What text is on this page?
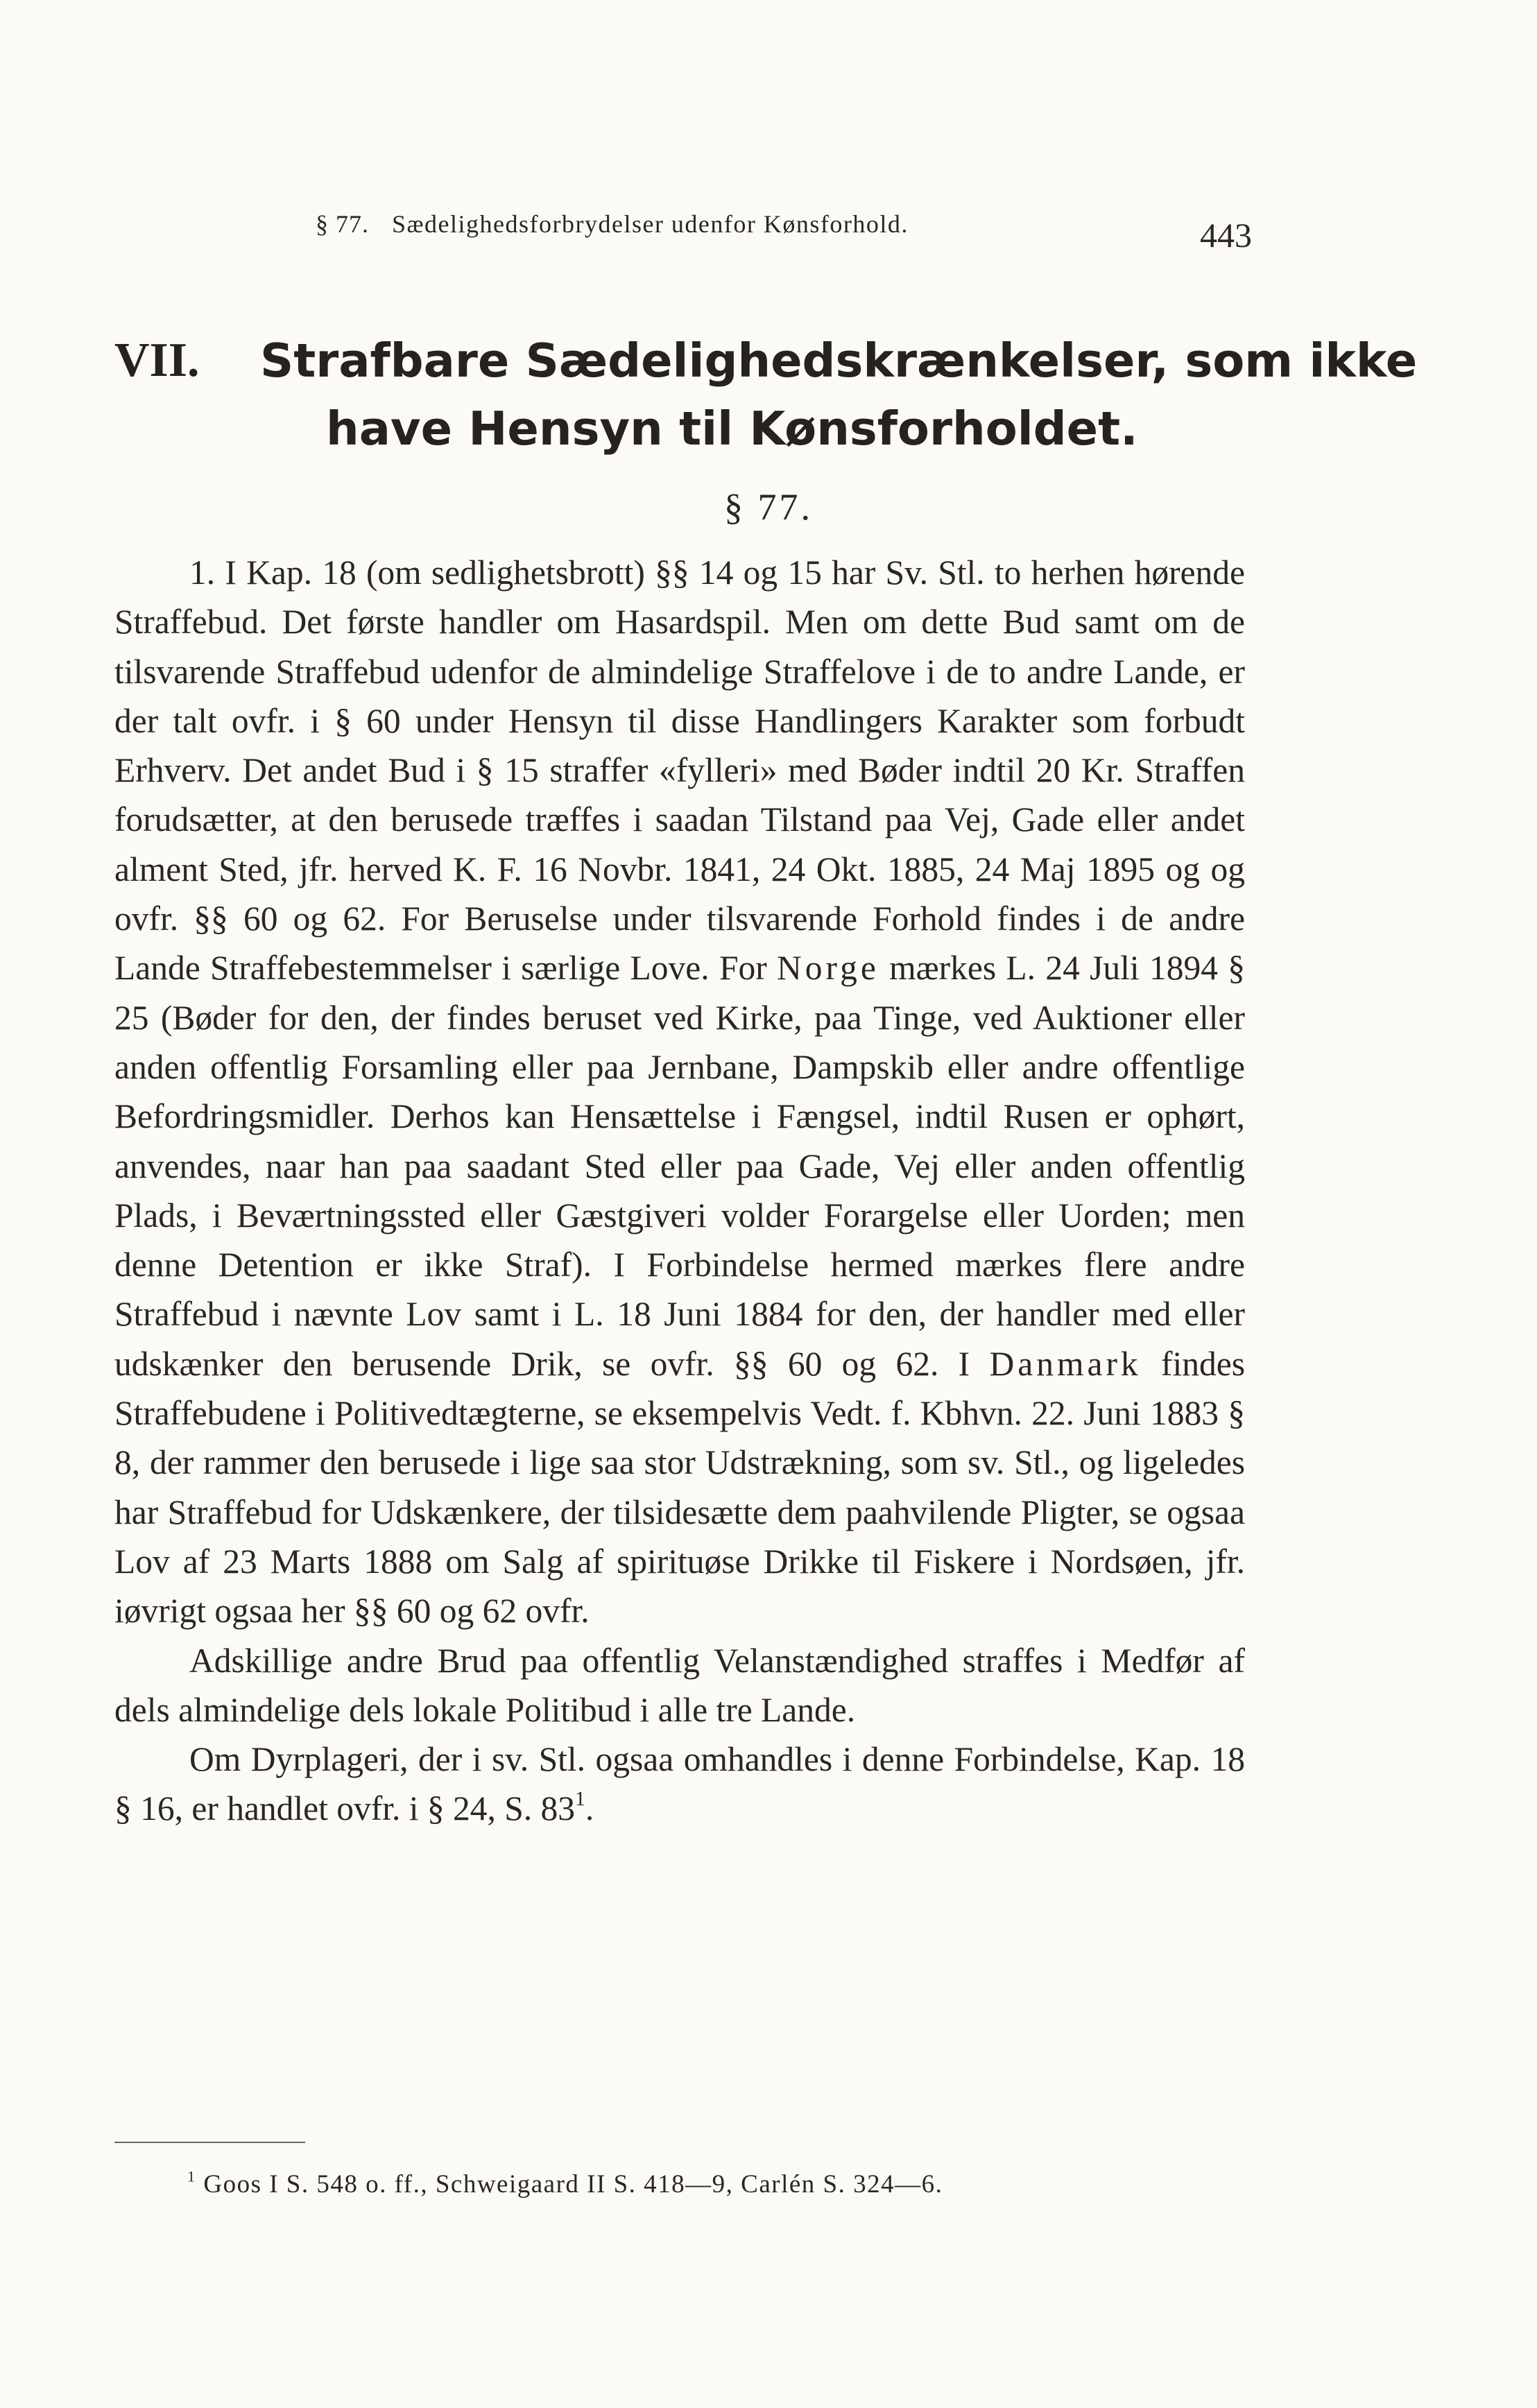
§ 77. Sædelighedsforbrydelser udenfor Kønsforhold.	443
VII. Strafbare Sædelighedskrænkelser, som ikke
have Hensyn til Kønsforholdet.
§ 77.

1. I Kap. 18 (om sedlighetsbrott) §§ 14 og 15 har Sv. Stl. to herhen hørende Straffebud. Det første handler om Hasardspil. Men om dette Bud samt om de tilsvarende Straffebud udenfor de almindelige Straffelove i de to andre Lande, er der talt ovfr. i § 60 under Hensyn til disse Handlingers Karakter som forbudt Erhverv. Det andet Bud i § 15 straffer «fylleri» med Bøder indtil 20 Kr. Straffen forudsætter, at den berusede træffes i saadan Tilstand paa Vej, Gade eller andet alment Sted, jfr. herved K. F. 16 Novbr. 1841, 24 Okt. 1885, 24 Maj 1895 og og ovfr. §§ 60 og 62. For Beruselse under tilsvarende Forhold findes i de andre Lande Straffebestemmelser i særlige Love. For Norge mærkes L. 24 Juli 1894 § 25 (Bøder for den, der findes beruset ved Kirke, paa Tinge, ved Auktioner eller anden offentlig Forsamling eller paa Jernbane, Dampskib eller andre offentlige Befordringsmidler. Derhos kan Hensættelse i Fængsel, indtil Rusen er ophørt, anvendes, naar han paa saadant Sted eller paa Gade, Vej eller anden offentlig Plads, i Beværtningssted eller Gæstgiveri volder Forargelse eller Uorden; men denne Detention er ikke Straf). I Forbindelse hermed mærkes flere andre Straffebud i nævnte Lov samt i L. 18 Juni 1884 for den, der handler med eller udskænker den berusende Drik, se ovfr. §§ 60 og 62. I Danmark findes Straffebudene i Politivedtægterne, se eksempelvis Vedt. f. Kbhvn. 22. Juni 1883 § 8, der rammer den berusede i lige saa stor Udstrækning, som sv. Stl., og ligeledes har Straffebud for Udskænkere, der tilsidesætte dem paahvilende Pligter, se ogsaa Lov af 23 Marts 1888 om Salg af spirituøse Drikke til Fiskere i Nordsøen, jfr. iøvrigt ogsaa her §§ 60 og 62 ovfr.

Adskillige andre Brud paa offentlig Velanstændighed straffes i Medfør af dels almindelige dels lokale Politibud i alle tre Lande.

Om Dyrplageri, der i sv. Stl. ogsaa omhandles i denne Forbindelse, Kap. 18 § 16, er handlet ovfr. i § 24, S. $83^1$.

$^1$ Goos I S. 548 o. ff., Schweigaard II S. 418—9, Carlén S. 324—6.
